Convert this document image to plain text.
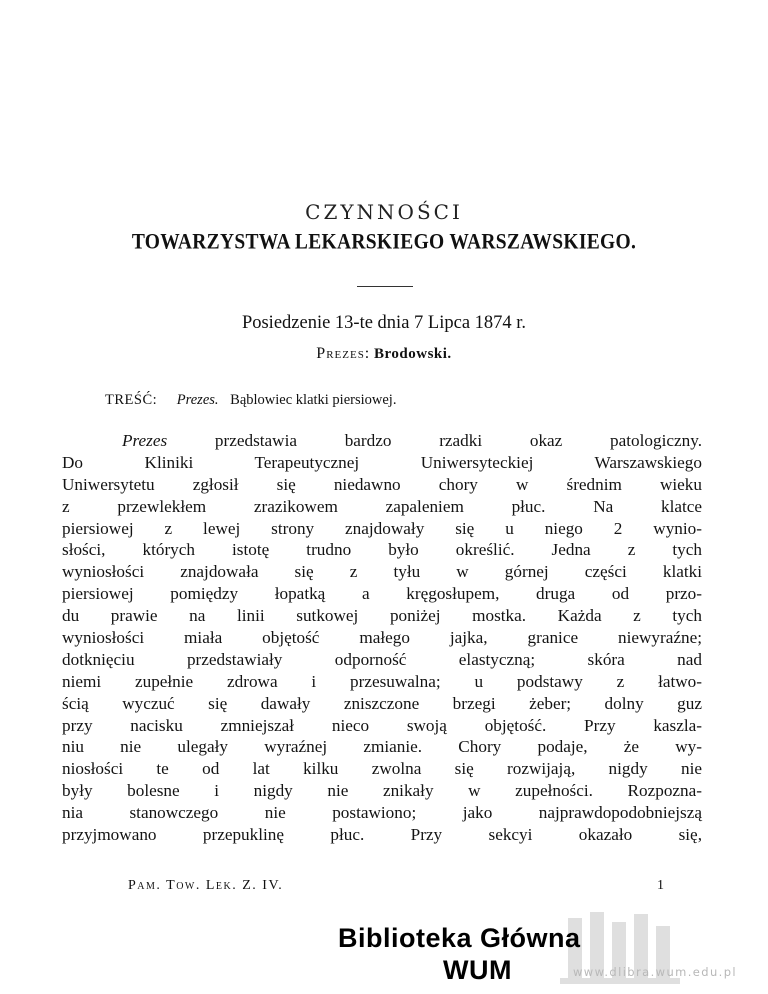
CZYNNOŚCI
TOWARZYSTWA LEKARSKIEGO WARSZAWSKIEGO.
Posiedzenie 13-te dnia 7 Lipca 1874 r.
Prezes: Brodowski.
TREŚĆ: Prezes. Bąblowiec klatki piersiowej.
Prezes przedstawia bardzo rzadki okaz patologiczny.
Do Kliniki Terapeutycznej Uniwersyteckiej Warszawskiego
Uniwersytetu zgłosił się niedawno chory w średnim wieku
z przewlekłem zrazikowem zapaleniem płuc. Na klatce
piersiowej z lewej strony znajdowały się u niego 2 wynio-
słości, których istotę trudno było określić. Jedna z tych
wyniosłości znajdowała się z tyłu w górnej części klatki
piersiowej pomiędzy łopatką a kręgosłupem, druga od przo-
du prawie na linii sutkowej poniżej mostka. Każda z tych
wyniosłości miała objętość małego jajka, granice niewyraźne;
dotknięciu przedstawiały odporność elastyczną; skóra nad
niemi zupełnie zdrowa i przesuwalna; u podstawy z łatwo-
ścią wyczuć się dawały zniszczone brzegi żeber; dolny guz
przy nacisku zmniejszał nieco swoją objętość. Przy kaszla-
niu nie ulegały wyraźnej zmianie. Chory podaje, że wy-
niosłości te od lat kilku zwolna się rozwijają, nigdy nie
były bolesne i nigdy nie znikały w zupełności. Rozpozna-
nia stanowczego nie postawiono; jako najprawdopodobniejszą
przyjmowano przepuklinę płuc. Przy sekcyi okazało się,
Pam. Tow. Lek. Z. IV.	1
Biblioteka Główna
WUM	www.dlibra.wum.edu.pl
